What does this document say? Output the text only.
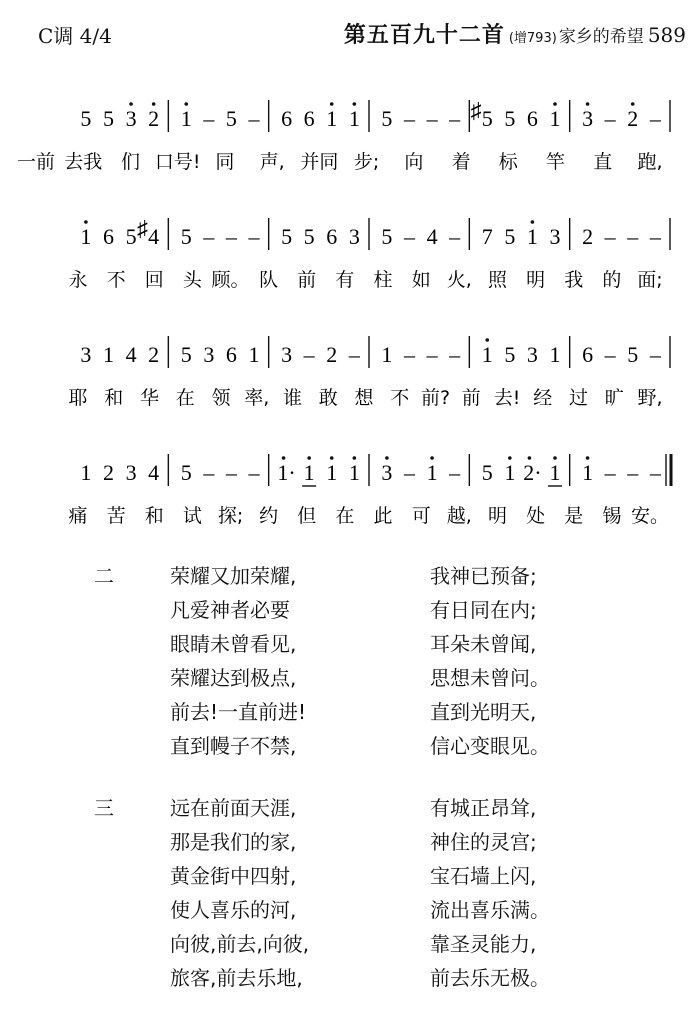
C调 4/4	第五百九十二首 (增793) 家乡的希望 589
5 5 3 2 1 – 5 – 6 6 1 1 5 – – – 5
♯ 5 6 1 3 – 2 –
一前 去我 们 口号! 同 声, 并同 步; 向 着 标 竿 直 跑,
1 6 5 4
♯ 5 – – – 5 5 6 3 5 – 4 – 7 5 1 3 2 – – –
永 不 回 头 顾。 队 前 有 柱 如 火, 照 明 我 的 面;
3 1 4 2 5 3 6 1 3 – 2 – 1 – – – 1 5 3 1 6 – 5 –
耶 和 华 在 领 率, 谁 敢 想 不 前? 前 去! 经 过 旷 野,
1 2 3 4 5 – – – 1· 1 1 1 3 – 1 – 5 1 2· 1 1 – – –
痛 苦 和 试 探; 约 但 在 此 可 越, 明 处 是 锡 安。
二	荣耀又加荣耀,	我神已预备;
凡爱神者必要	有日同在内;
眼睛未曾看见,	耳朵未曾闻,
荣耀达到极点,	思想未曾问。
前去!一直前进!	直到光明天,
直到幔子不禁,	信心变眼见。
三	远在前面天涯,	有城正昂耸,
那是我们的家,	神住的灵宫;
黄金街中四射,	宝石墙上闪,
使人喜乐的河,	流出喜乐满。
向彼,前去,向彼,	靠圣灵能力,
旅客,前去乐地,	前去乐无极。
